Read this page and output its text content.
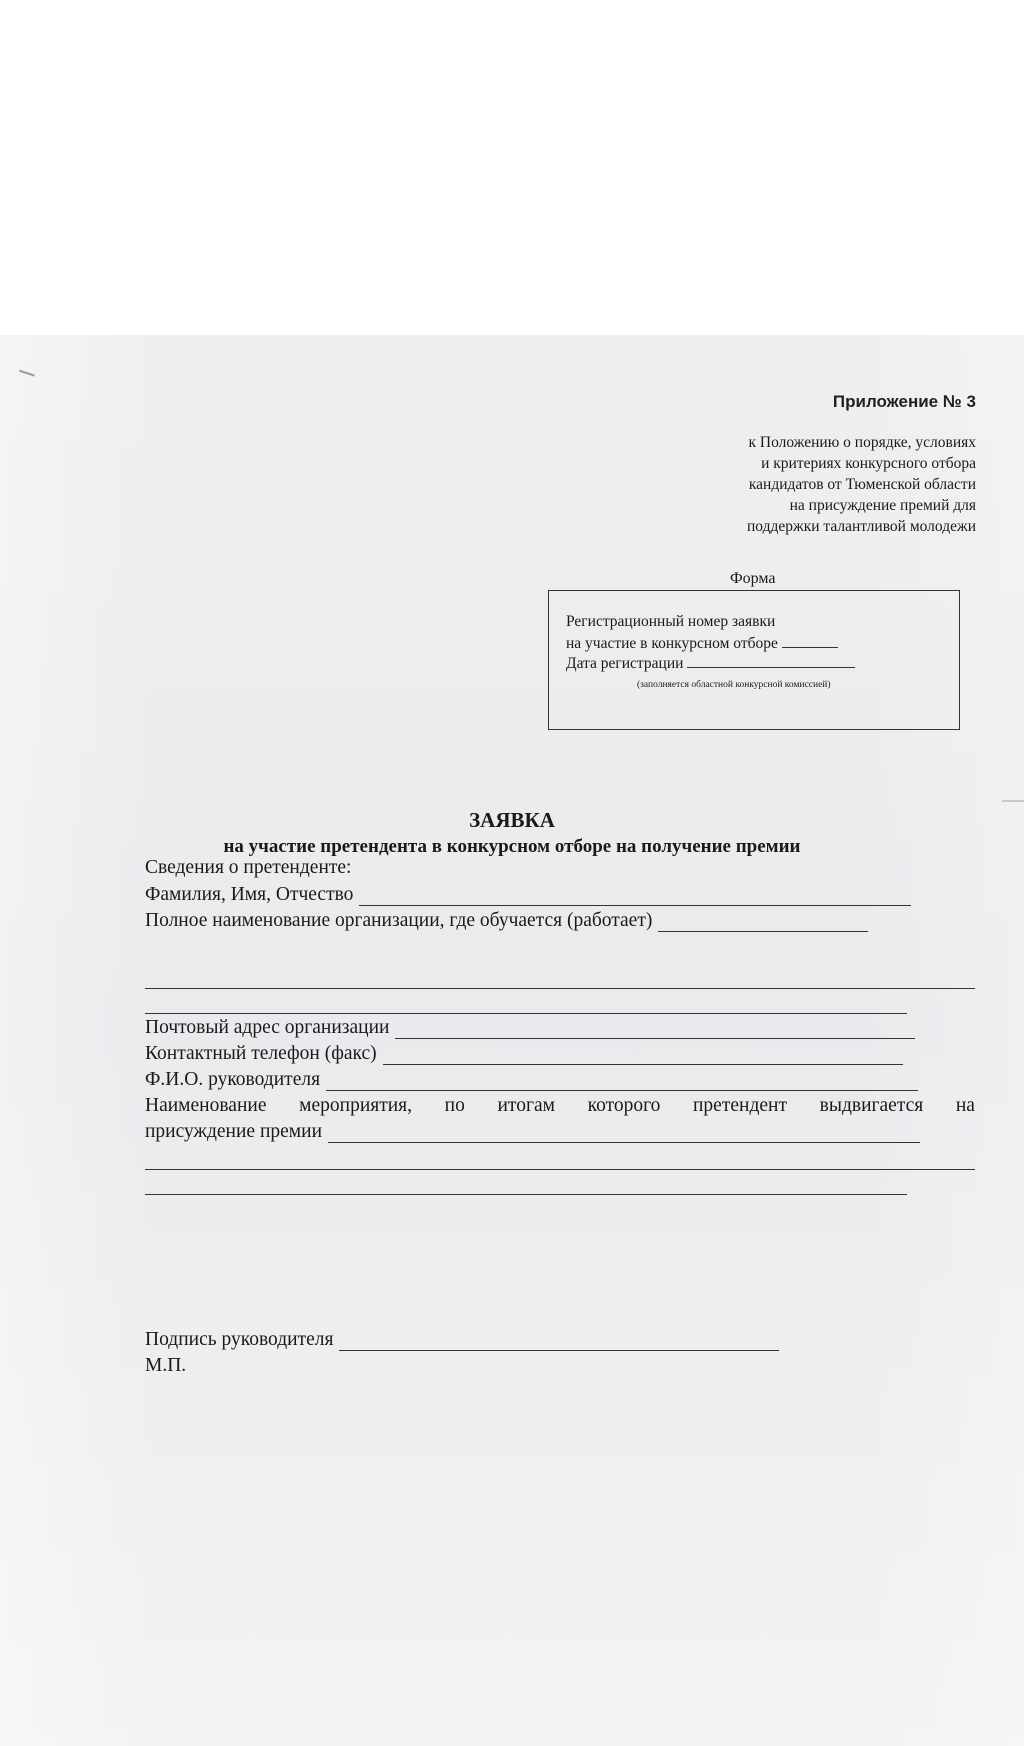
Приложение № 3
к Положению о порядке, условиях
и критериях конкурсного отбора
кандидатов от Тюменской области
на присуждение премий для
поддержки талантливой молодежи
Форма
Регистрационный номер заявки
на участие в конкурсном отборе
Дата регистрации
(заполняется областной конкурсной комиссией)
ЗАЯВКА
на участие претендента в конкурсном отборе на получение премии
Сведения о претенденте:
Фамилия, Имя, Отчество
Полное наименование организации, где обучается (работает)
Почтовый адрес организации
Контактный телефон (факс)
Ф.И.О. руководителя
Наименование мероприятия, по итогам которого претендент выдвигается на
присуждение премии
Подпись руководителя
М.П.
